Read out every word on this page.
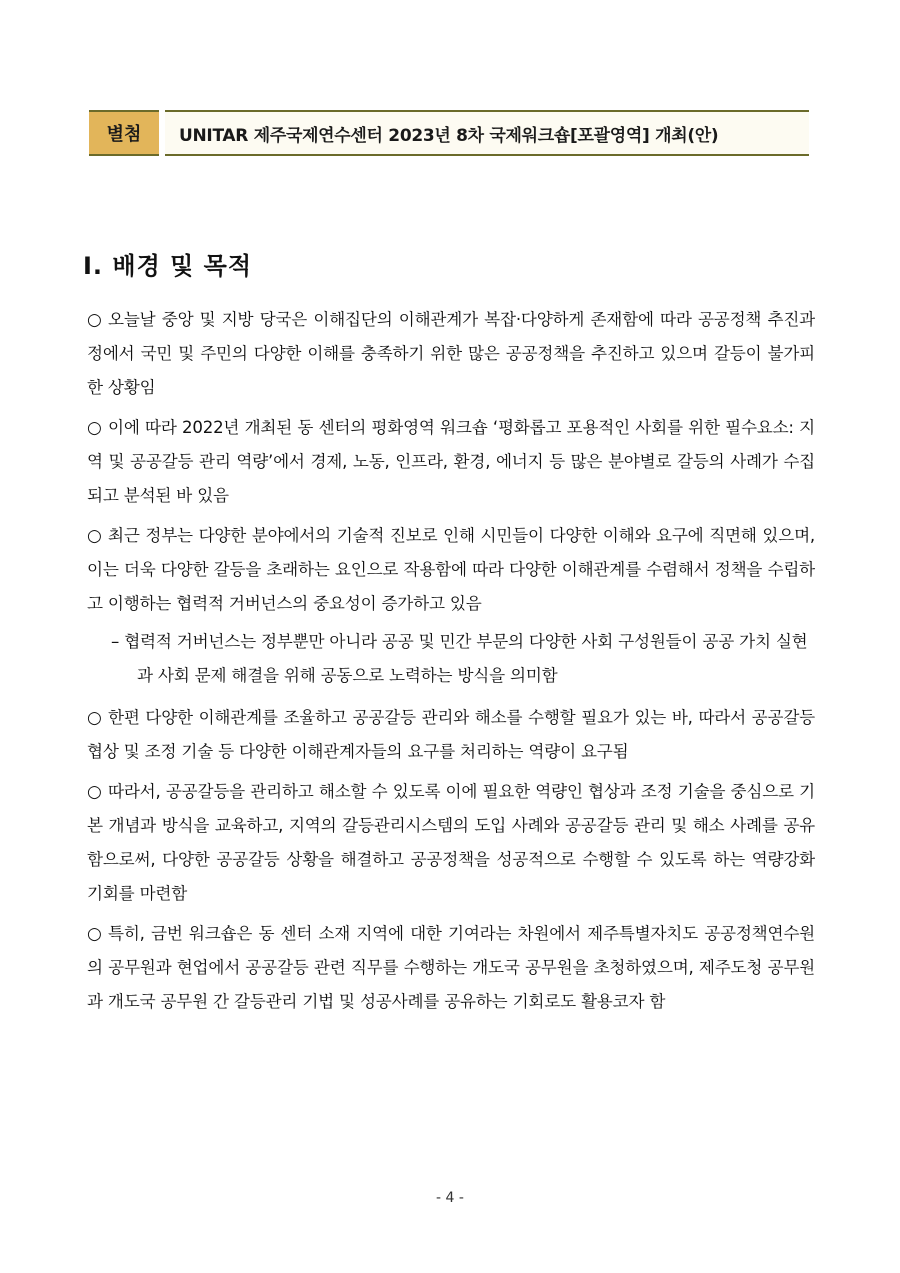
별첨	UNITAR 제주국제연수센터 2023년 8차 국제워크숍[포괄영역] 개최(안)
I. 배경 및 목적

○ 오늘날 중앙 및 지방 당국은 이해집단의 이해관계가 복잡·다양하게 존재함에 따라 공공정책 추진과정에서 국민 및 주민의 다양한 이해를 충족하기 위한 많은 공공정책을 추진하고 있으며 갈등이 불가피한 상황임

○ 이에 따라 2022년 개최된 동 센터의 평화영역 워크숍 ‘평화롭고 포용적인 사회를 위한 필수요소: 지역 및 공공갈등 관리 역량’에서 경제, 노동, 인프라, 환경, 에너지 등 많은 분야별로 갈등의 사례가 수집되고 분석된 바 있음

○ 최근 정부는 다양한 분야에서의 기술적 진보로 인해 시민들이 다양한 이해와 요구에 직면해 있으며, 이는 더욱 다양한 갈등을 초래하는 요인으로 작용함에 따라 다양한 이해관계를 수렴해서 정책을 수립하고 이행하는 협력적 거버넌스의 중요성이 증가하고 있음

– 협력적 거버넌스는 정부뿐만 아니라 공공 및 민간 부문의 다양한 사회 구성원들이 공공 가치 실현과 사회 문제 해결을 위해 공동으로 노력하는 방식을 의미함

○ 한편 다양한 이해관계를 조율하고 공공갈등 관리와 해소를 수행할 필요가 있는 바, 따라서 공공갈등 협상 및 조정 기술 등 다양한 이해관계자들의 요구를 처리하는 역량이 요구됨

○ 따라서, 공공갈등을 관리하고 해소할 수 있도록 이에 필요한 역량인 협상과 조정 기술을 중심으로 기본 개념과 방식을 교육하고, 지역의 갈등관리시스템의 도입 사례와 공공갈등 관리 및 해소 사례를 공유함으로써, 다양한 공공갈등 상황을 해결하고 공공정책을 성공적으로 수행할 수 있도록 하는 역량강화 기회를 마련함

○ 특히, 금번 워크숍은 동 센터 소재 지역에 대한 기여라는 차원에서 제주특별자치도 공공정책연수원의 공무원과 현업에서 공공갈등 관련 직무를 수행하는 개도국 공무원을 초청하였으며, 제주도청 공무원과 개도국 공무원 간 갈등관리 기법 및 성공사례를 공유하는 기회로도 활용코자 함

- 4 -
